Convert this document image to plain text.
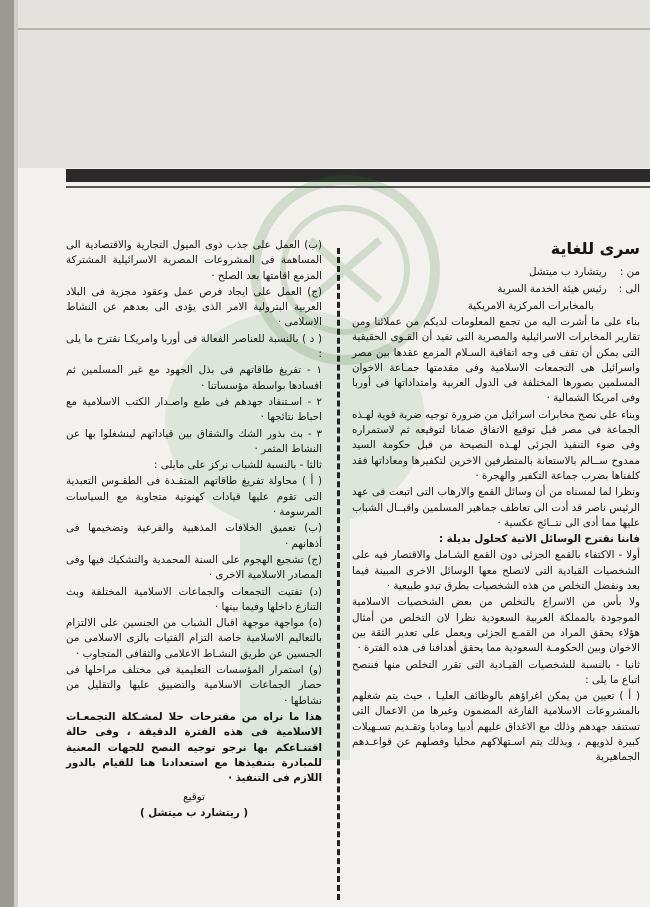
سرى للغاية

من : ريتشارد ب ميتشل

الى : رئيس هيئة الخدمة السرية

بالمخابرات المركزية الامريكية

بناء على ما أشرت اليه من تجمع المعلومات لديكم من عملائنا ومن تقارير المخابرات الاسرائيلية والمصرية التى تفيد أن القـوى الحقيقية التى يمكن أن تقف فى وجه اتفاقية السـلام المزمع عقدها بين مصر واسرائيل هى التجمعات الاسلامية وفى مقدمتها جمـاعة الاخوان المسلمين بصورها المختلفة فى الدول العربية وامتداداتها فى أوربا وفى امريكا الشمالية ·

وبناء على نصح مخابرات اسرائيل من ضرورة توجيه ضربة قوية لهـذه الجماعة فى مصر قبل توقيع الاتفاق ضمانا لتوقيعه ثم لاستمراره وفى ضوء التنفيذ الجزئى لهـذه النصيحة من قبل حكومة السيد ممدوح ســالم بالاستعانة بالمتطرفين الاخرين لتكفيرها ومعاداتها فقد كلفناها بضرب جماعة التكفير والهجرة ·

ونظرا لما لمسناه من أن وسائل القمع والارهاب التى اتبعت فى عهد الرئيس ناصر قد أدت الى تعاطف جماهير المسلمين واقبــال الشباب عليها مما أدى الى نتــائج عكسية ·

فاننا نقترح الوسائل الاتية كحلول بديلة :

أولا - الاكتفاء بالقمع الجزئى دون القمع الشـامل والاقتصار فيه على الشخصيات القيادية التى لاتصلح معها الوسائل الاخرى المبينة فيما بعد ونفضل التخلص من هذه الشخصيات بطرق تبدو طبيعية ·

ولا بأس من الاسراع بالتخلص من بعض الشخصيات الاسلامية الموجودة بالمملكة العربية السعودية نظرا لان التخلص من أمثال هؤلاء يحقق المراد من القمـع الجزئى ويعمل على تعدير الثقة بين الاخوان وبين الحكومـة السعودية مما يحقق أهدافنا فى هذه الفترة ·

ثانيا - بالنسبة للشخصيات القيـادية التى تقرر التخلص منها فننصح اتباع ما يلى :

( أ ) تعيين من يمكن اغراؤهم بالوظائف العليـا ، حيث يتم شغلهم بالمشروعات الاسلامية الفارغة المضمون وغيرها من الاعمال التى تستنفد جهدهم وذلك مع الاغداق عليهم أدبيا وماديا وتقـديم تسـهيلات كبيرة لذويهم ، وبذلك يتم اسـتهلاكهم محليا وفصلهم عن قواعـدهم الجماهيرية

(ب) العمل على جذب ذوى الميول التجارية والاقتصادية الى المساهمة فى المشروعات المصرية الاسرائيلية المشتركة المزمع اقامتها بعد الصلح ·

(ج) العمل على ايجاد فرص عمل وعقود مجزية فى البلاد العربية البترولية الامر الذى يؤدى الى بعدهم عن النشاط الاسلامى ·

( د ) بالنسبة للعناصر الفعالة فى أوربا وامريكـا نقترح ما يلى :

١ - تفريغ طاقاتهم فى بذل الجهود مع غير المسلمين ثم افسادها بواسطة مؤسساتنا ·

٢ - اسـتنفاد جهدهم فى طبع واصـدار الكتب الاسلامية مع احباط نتائجها ·

٣ - بث بذور الشك والشقاق بين قياداتهم لينشغلوا بها عن النشاط المثمر ·

ثالثا - بالنسبة للشباب نركز على مايلى :

( أ ) محاولة تفريغ طاقاتهم المتقـدة فى الطقـوس التعبدية التى تقوم عليها قيادات كهنوتية متجاوبة مع السياسات المرسومة ·

(ب) تعميق الخلافات المذهبية والفرعية وتضخيمها فى أذهانهم ·

(ج) تشجيع الهجوم على السنة المحمدية والتشكيك فيها وفى المصادر الاسلامية الاخرى ·

(د) تفتيت التجمعات والجماعات الاسلامية المختلفة وبث التنازع داخلها وفيما بينها ·

(ه) مواجهة موجهة اقبال الشباب من الجنسين على الالتزام بالتعاليم الاسلامية خاصة التزام الفتيات بالزى الاسلامى من الجنسين عن طريق النشـاط الاعلامى والثقافى المتجاوب ·

(و) استمرار المؤسسات التعليمية فى مختلف مراحلها فى حصار الجماعات الاسلامية والتضييق عليها والتقليل من نشاطها ·

هذا ما نراه من مقترحات حلا لمشـكلة التجمعـات الاسلامية فى هذه الفترة الدقيقة ، وفى حالة اقتنـاعكم بها نرجو توجيه النصح للجهات المعنية للمبادرة بتنفيذها مع استعدادنا هنا للقيام بالدور اللازم فى التنفيذ ·

توقيع
( ريتشارد ب ميتشل )
